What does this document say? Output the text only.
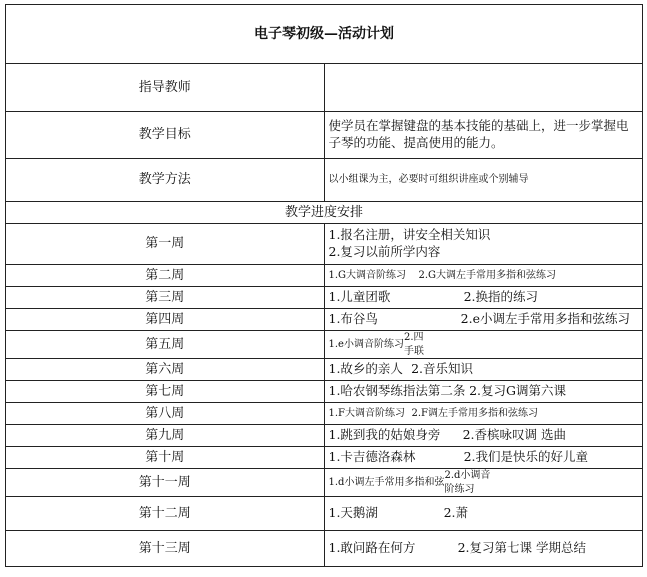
电子琴初级—活动计划	
指导教师	
教学目标	使学员在掌握键盘的基本技能的基础上，进一步掌握电子琴的功能、提高使用的能力。
教学方法	以小组课为主，必要时可组织讲座或个别辅导
教学进度安排	
第一周	1.报名注册，讲安全相关知识
2.复习以前所学内容

第二周	1.G大调音阶练习 2.G大调左手常用多指和弦练习

第三周	1.儿童团歌 2.换指的练习

第四周	1.布谷鸟 2.e小调左手常用多指和弦练习

第五周	1.e小调音阶练习
2.四手联

第六周	1.故乡的亲人 2.音乐知识

第七周	1.哈农钢琴练指法第二条 2.复习G调第六课

第八周	1.F大调音阶练习 2.F调左手常用多指和弦练习

第九周	1.跳到我的姑娘身旁 2.香槟咏叹调 选曲

第十周	1.卡吉德洛森林 2.我们是快乐的好儿童

第十一周	1.d小调左手常用多指和弦
2.d小调音阶练习

第十二周	1.天鹅湖 2.萧

第十三周	1.敢问路在何方 2.复习第七课 学期总结
